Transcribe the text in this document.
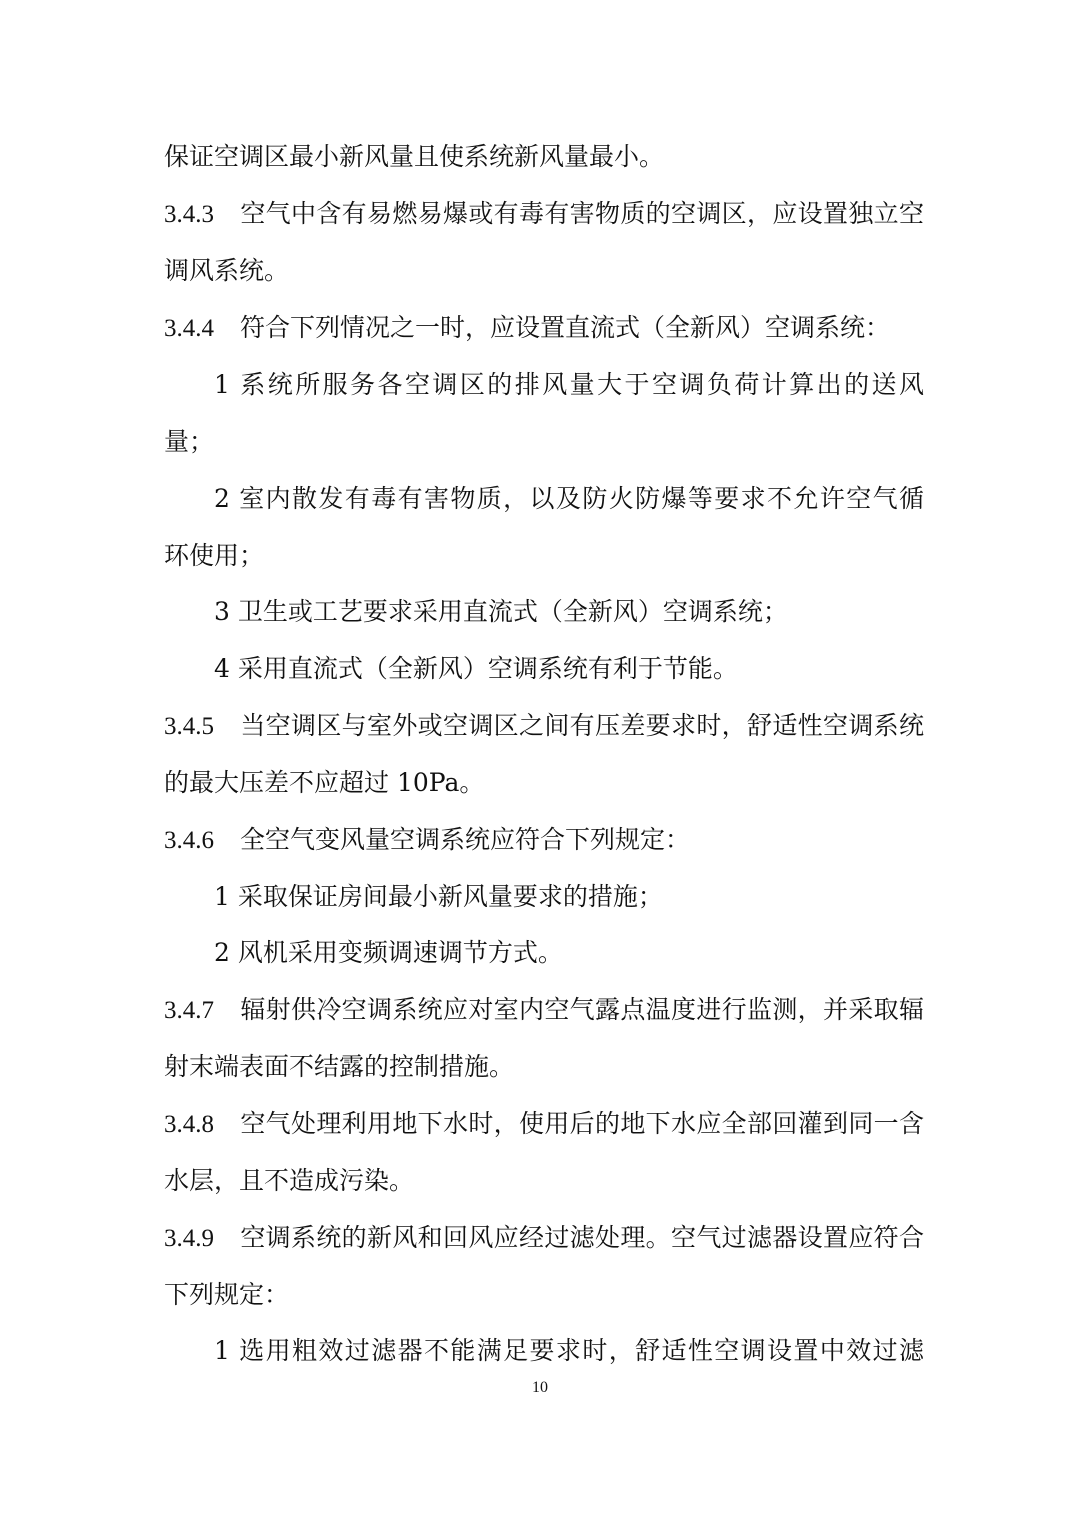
保证空调区最小新风量且使系统新风量最小。
3.4.3 空气中含有易燃易爆或有毒有害物质的空调区，应设置独立空
调风系统。
3.4.4 符合下列情况之一时，应设置直流式（全新风）空调系统：
1 系统所服务各空调区的排风量大于空调负荷计算出的送风
量；
2 室内散发有毒有害物质，以及防火防爆等要求不允许空气循
环使用；
3 卫生或工艺要求采用直流式（全新风）空调系统；
4 采用直流式（全新风）空调系统有利于节能。
3.4.5 当空调区与室外或空调区之间有压差要求时，舒适性空调系统
的最大压差不应超过 10Pa。
3.4.6 全空气变风量空调系统应符合下列规定：
1 采取保证房间最小新风量要求的措施；
2 风机采用变频调速调节方式。
3.4.7 辐射供冷空调系统应对室内空气露点温度进行监测，并采取辐
射末端表面不结露的控制措施。
3.4.8 空气处理利用地下水时，使用后的地下水应全部回灌到同一含
水层，且不造成污染。
3.4.9 空调系统的新风和回风应经过滤处理。空气过滤器设置应符合
下列规定：
1 选用粗效过滤器不能满足要求时，舒适性空调设置中效过滤
10
